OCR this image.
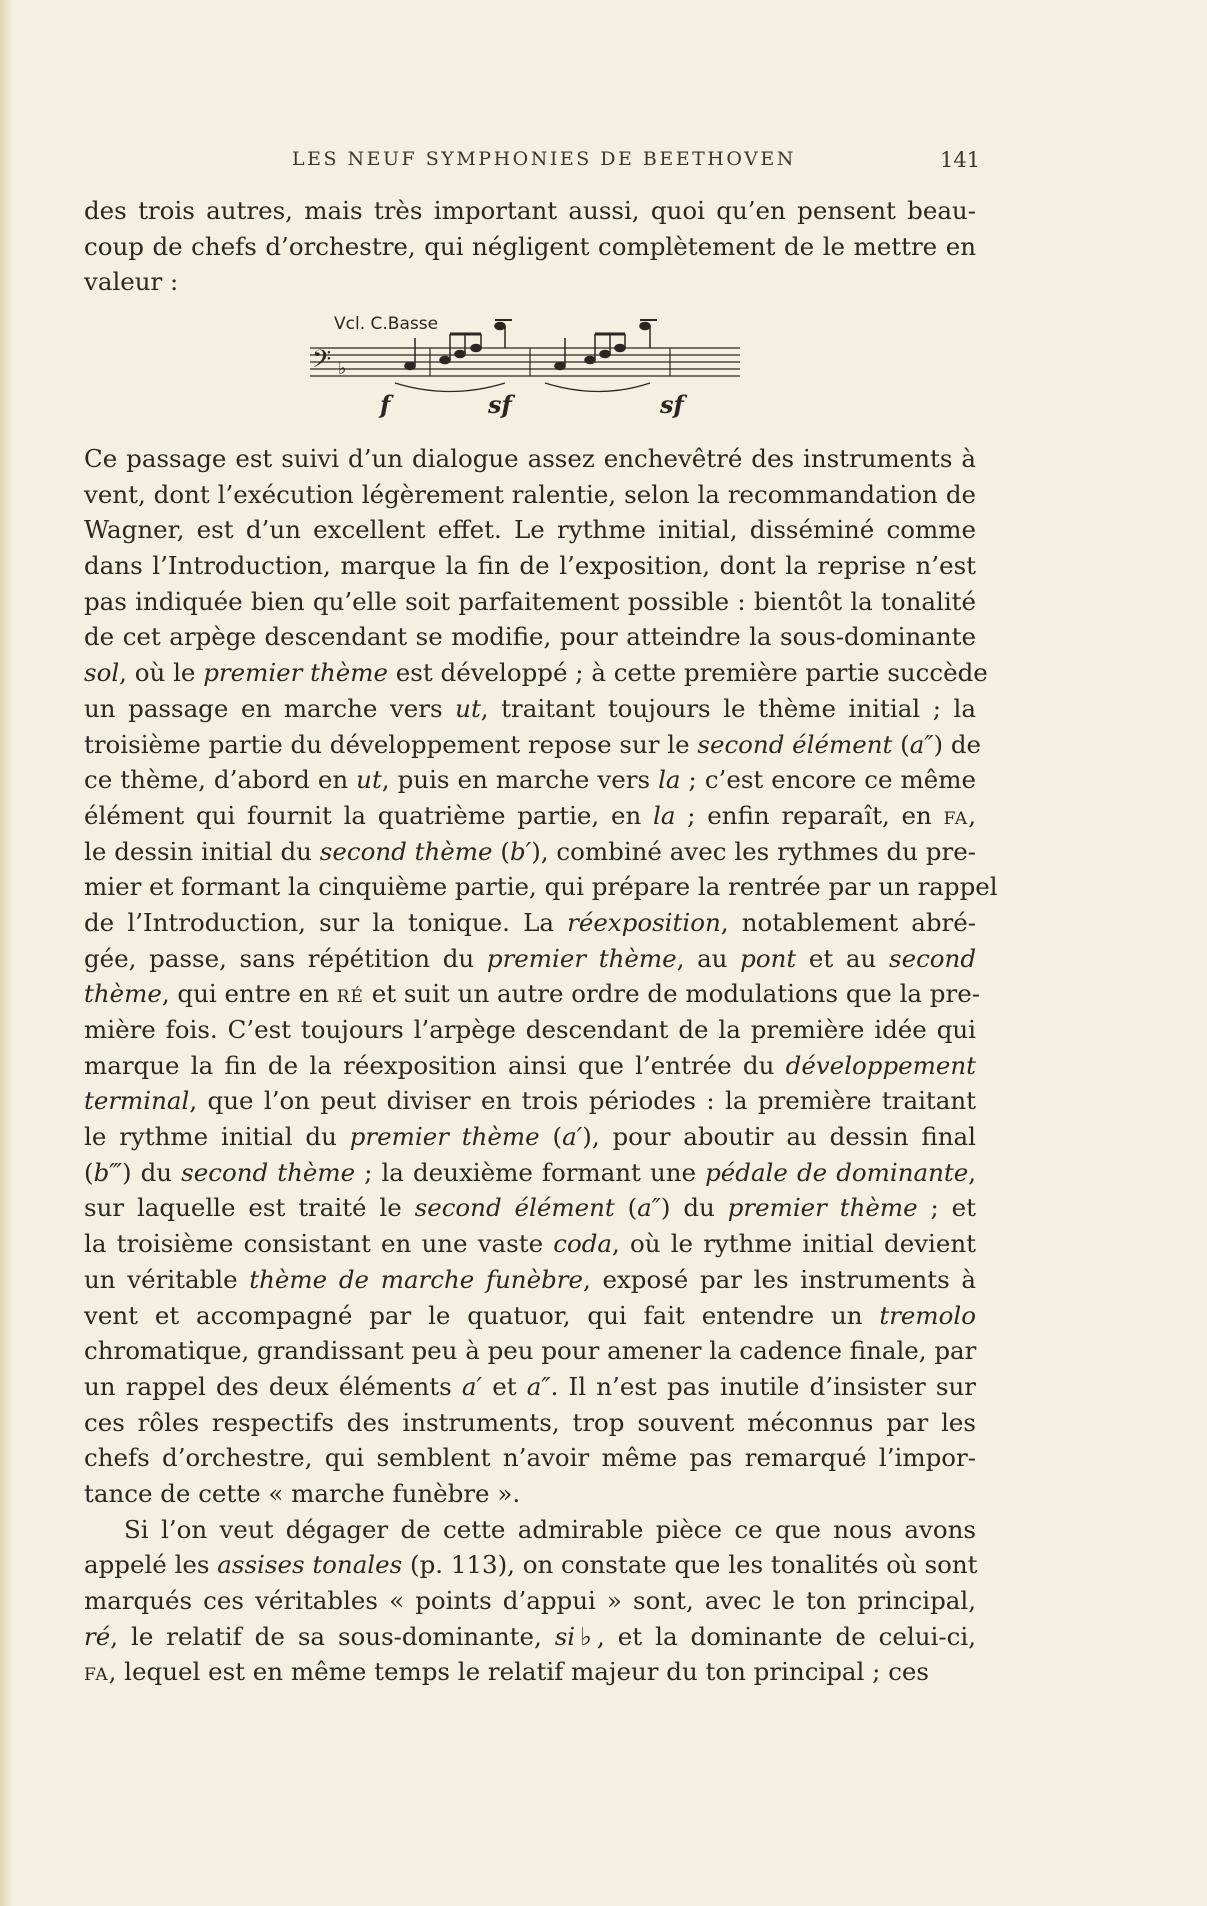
LES NEUF SYMPHONIES DE BEETHOVEN	141
des trois autres, mais très important aussi, quoi qu’en pensent beau-
coup de chefs d’orchestre, qui négligent complètement de le mettre en
valeur :
Vcl. C.Basse
𝄢 ♭
f	sf	sf
Ce passage est suivi d’un dialogue assez enchevêtré des instruments à
vent, dont l’exécution légèrement ralentie, selon la recommandation de
Wagner, est d’un excellent effet. Le rythme initial, disséminé comme
dans l’Introduction, marque la fin de l’exposition, dont la reprise n’est
pas indiquée bien qu’elle soit parfaitement possible : bientôt la tonalité
de cet arpège descendant se modifie, pour atteindre la sous-dominante
sol, où le premier thème est développé ; à cette première partie succède
un passage en marche vers ut, traitant toujours le thème initial ; la
troisième partie du développement repose sur le second élément (a″) de
ce thème, d’abord en ut, puis en marche vers la ; c’est encore ce même
élément qui fournit la quatrième partie, en la ; enfin reparaît, en FA,
le dessin initial du second thème (b′), combiné avec les rythmes du pre-
mier et formant la cinquième partie, qui prépare la rentrée par un rappel
de l’Introduction, sur la tonique. La réexposition, notablement abré-
gée, passe, sans répétition du premier thème, au pont et au second
thème, qui entre en RÉ et suit un autre ordre de modulations que la pre-
mière fois. C’est toujours l’arpège descendant de la première idée qui
marque la fin de la réexposition ainsi que l’entrée du développement
terminal, que l’on peut diviser en trois périodes : la première traitant
le rythme initial du premier thème (a′), pour aboutir au dessin final
(b‴) du second thème ; la deuxième formant une pédale de dominante,
sur laquelle est traité le second élément (a″) du premier thème ; et
la troisième consistant en une vaste coda, où le rythme initial devient
un véritable thème de marche funèbre, exposé par les instruments à
vent et accompagné par le quatuor, qui fait entendre un tremolo
chromatique, grandissant peu à peu pour amener la cadence finale, par
un rappel des deux éléments a′ et a″. Il n’est pas inutile d’insister sur
ces rôles respectifs des instruments, trop souvent méconnus par les
chefs d’orchestre, qui semblent n’avoir même pas remarqué l’impor-
tance de cette « marche funèbre ».
Si l’on veut dégager de cette admirable pièce ce que nous avons
appelé les assises tonales (p. 113), on constate que les tonalités où sont
marqués ces véritables « points d’appui » sont, avec le ton principal,
ré, le relatif de sa sous-dominante, si♭, et la dominante de celui-ci,
FA, lequel est en même temps le relatif majeur du ton principal ; ces
